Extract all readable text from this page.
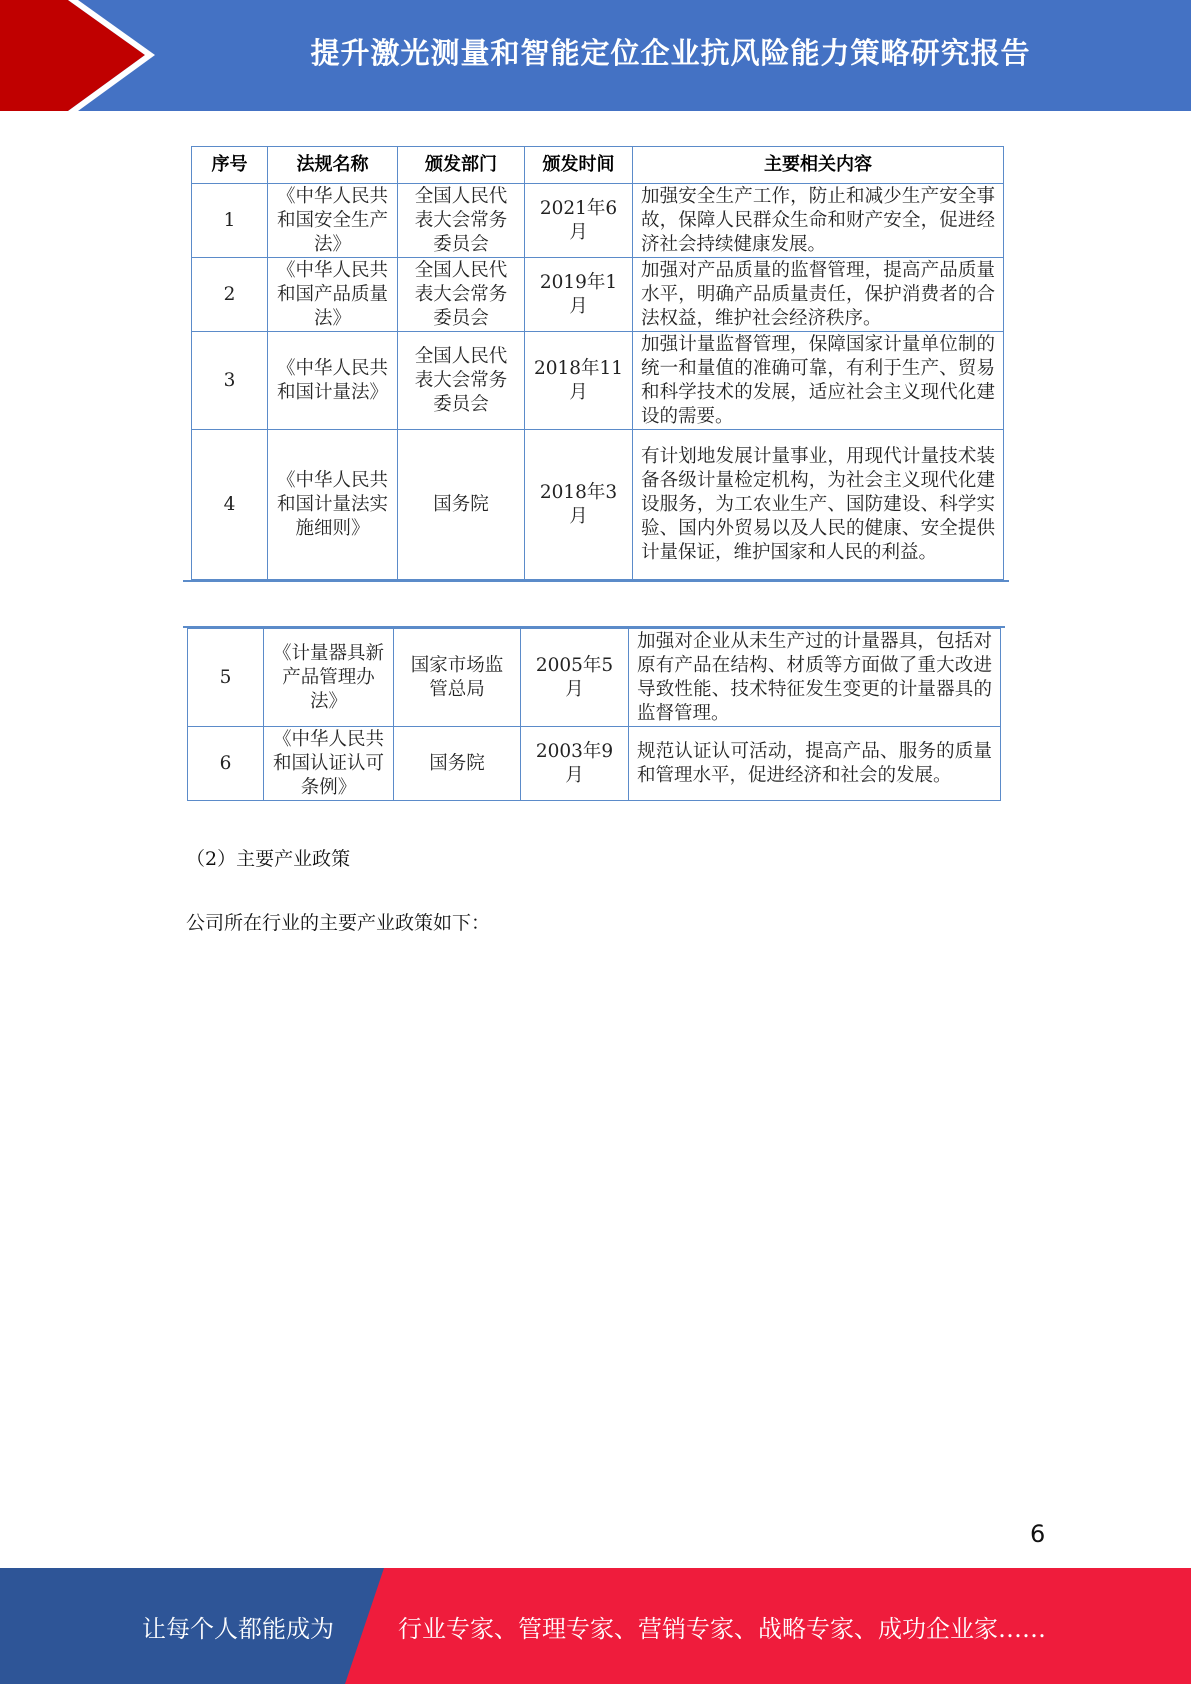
提升激光测量和智能定位企业抗风险能力策略研究报告
序号	法规名称	颁发部门	颁发时间	主要相关内容
1	《中华人民共和国安全生产法》	全国人民代表大会常务委员会	2021年6月	加强安全生产工作，防止和减少生产安全事故，保障人民群众生命和财产安全，促进经济社会持续健康发展。
2	《中华人民共和国产品质量法》	全国人民代表大会常务委员会	2019年1月	加强对产品质量的监督管理，提高产品质量水平，明确产品质量责任，保护消费者的合法权益，维护社会经济秩序。
3	《中华人民共和国计量法》	全国人民代表大会常务委员会	2018年11月	加强计量监督管理，保障国家计量单位制的统一和量值的准确可靠，有利于生产、贸易和科学技术的发展，适应社会主义现代化建设的需要。
4	《中华人民共和国计量法实施细则》	国务院	2018年3月	有计划地发展计量事业，用现代计量技术装备各级计量检定机构，为社会主义现代化建设服务，为工农业生产、国防建设、科学实验、国内外贸易以及人民的健康、安全提供计量保证，维护国家和人民的利益。
5	《计量器具新产品管理办法》	国家市场监管总局	2005年5月	加强对企业从未生产过的计量器具，包括对原有产品在结构、材质等方面做了重大改进导致性能、技术特征发生变更的计量器具的监督管理。
6	《中华人民共和国认证认可条例》	国务院	2003年9月	规范认证认可活动，提高产品、服务的质量和管理水平，促进经济和社会的发展。
（2）主要产业政策
公司所在行业的主要产业政策如下：
6
让每个人都能成为	行业专家、管理专家、营销专家、战略专家、成功企业家……
